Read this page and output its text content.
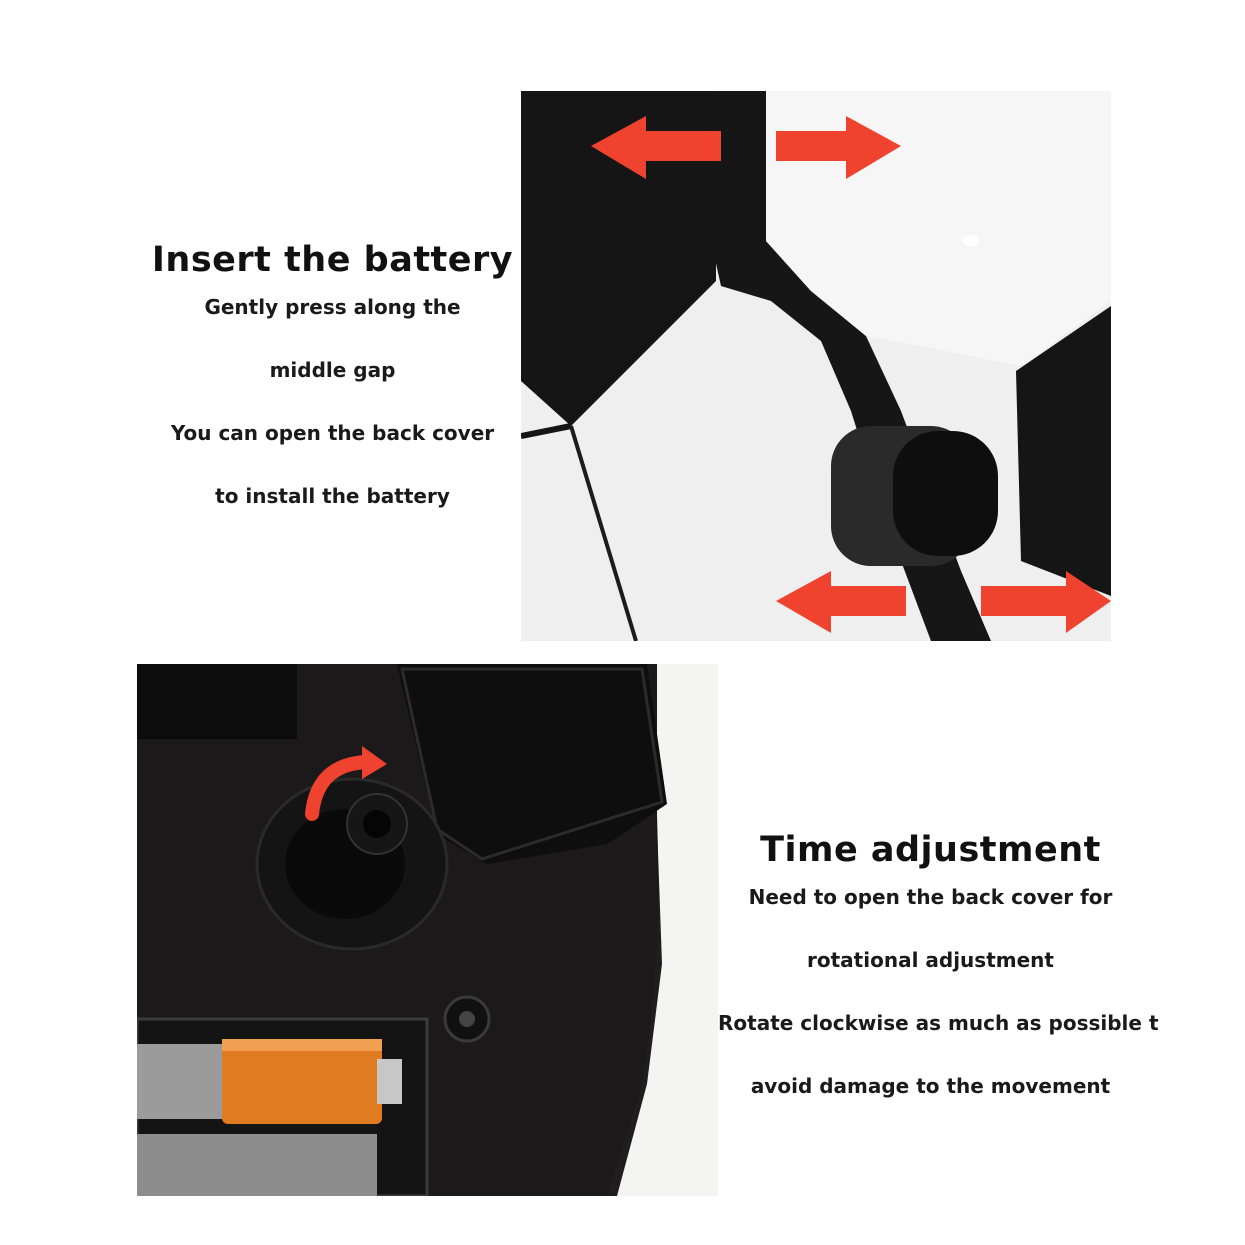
Insert the battery
Gently press along the
middle gap
You can open the back cover
to install the battery
Time adjustment
Need to open the back cover for
rotational adjustment
Rotate clockwise as much as possible t
avoid damage to the movement
